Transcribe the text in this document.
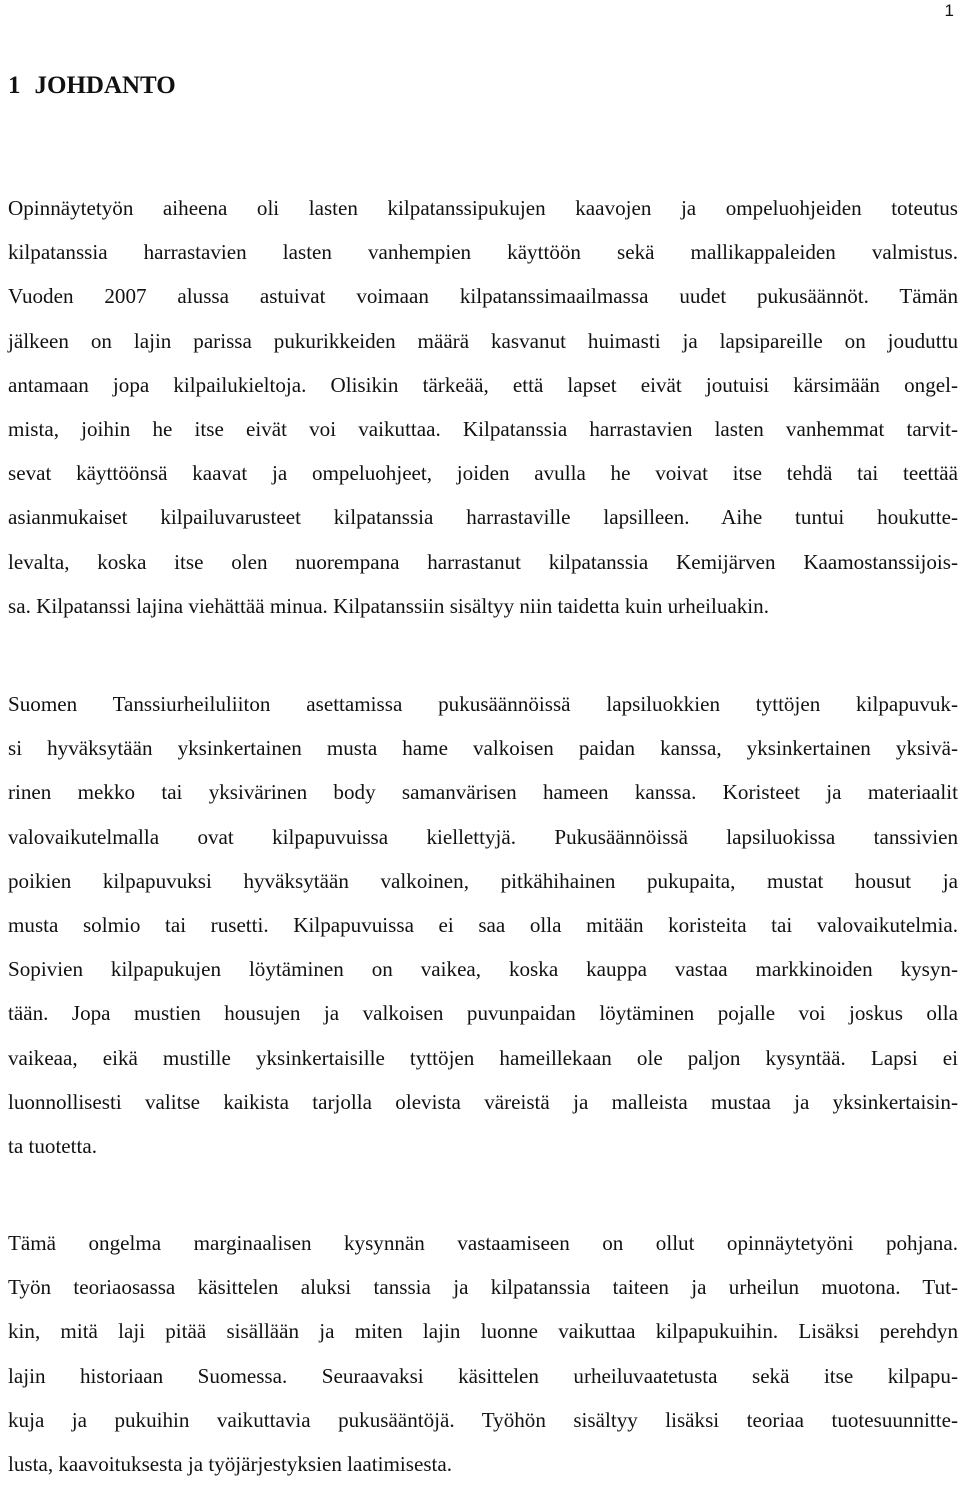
1
1 JOHDANTO
Opinnäytetyön aiheena oli lasten kilpatanssipukujen kaavojen ja ompeluohjeiden toteutus
kilpatanssia harrastavien lasten vanhempien käyttöön sekä mallikappaleiden valmistus.
Vuoden 2007 alussa astuivat voimaan kilpatanssimaailmassa uudet pukusäännöt. Tämän
jälkeen on lajin parissa pukurikkeiden määrä kasvanut huimasti ja lapsipareille on jouduttu
antamaan jopa kilpailukieltoja. Olisikin tärkeää, että lapset eivät joutuisi kärsimään ongel-
mista, joihin he itse eivät voi vaikuttaa. Kilpatanssia harrastavien lasten vanhemmat tarvit-
sevat käyttöönsä kaavat ja ompeluohjeet, joiden avulla he voivat itse tehdä tai teettää
asianmukaiset kilpailuvarusteet kilpatanssia harrastaville lapsilleen. Aihe tuntui houkutte-
levalta, koska itse olen nuorempana harrastanut kilpatanssia Kemijärven Kaamostanssijois-
sa. Kilpatanssi lajina viehättää minua. Kilpatanssiin sisältyy niin taidetta kuin urheiluakin.
Suomen Tanssiurheiluliiton asettamissa pukusäännöissä lapsiluokkien tyttöjen kilpapuvuk-
si hyväksytään yksinkertainen musta hame valkoisen paidan kanssa, yksinkertainen yksivä-
rinen mekko tai yksivärinen body samanvärisen hameen kanssa. Koristeet ja materiaalit
valovaikutelmalla ovat kilpapuvuissa kiellettyjä. Pukusäännöissä lapsiluokissa tanssivien
poikien kilpapuvuksi hyväksytään valkoinen, pitkähihainen pukupaita, mustat housut ja
musta solmio tai rusetti. Kilpapuvuissa ei saa olla mitään koristeita tai valovaikutelmia.
Sopivien kilpapukujen löytäminen on vaikea, koska kauppa vastaa markkinoiden kysyn-
tään. Jopa mustien housujen ja valkoisen puvunpaidan löytäminen pojalle voi joskus olla
vaikeaa, eikä mustille yksinkertaisille tyttöjen hameillekaan ole paljon kysyntää. Lapsi ei
luonnollisesti valitse kaikista tarjolla olevista väreistä ja malleista mustaa ja yksinkertaisin-
ta tuotetta.
Tämä ongelma marginaalisen kysynnän vastaamiseen on ollut opinnäytetyöni pohjana.
Työn teoriaosassa käsittelen aluksi tanssia ja kilpatanssia taiteen ja urheilun muotona. Tut-
kin, mitä laji pitää sisällään ja miten lajin luonne vaikuttaa kilpapukuihin. Lisäksi perehdyn
lajin historiaan Suomessa. Seuraavaksi käsittelen urheiluvaatetusta sekä itse kilpapu-
kuja ja pukuihin vaikuttavia pukusääntöjä. Työhön sisältyy lisäksi teoriaa tuotesuunnitte-
lusta, kaavoituksesta ja työjärjestyksien laatimisesta.
